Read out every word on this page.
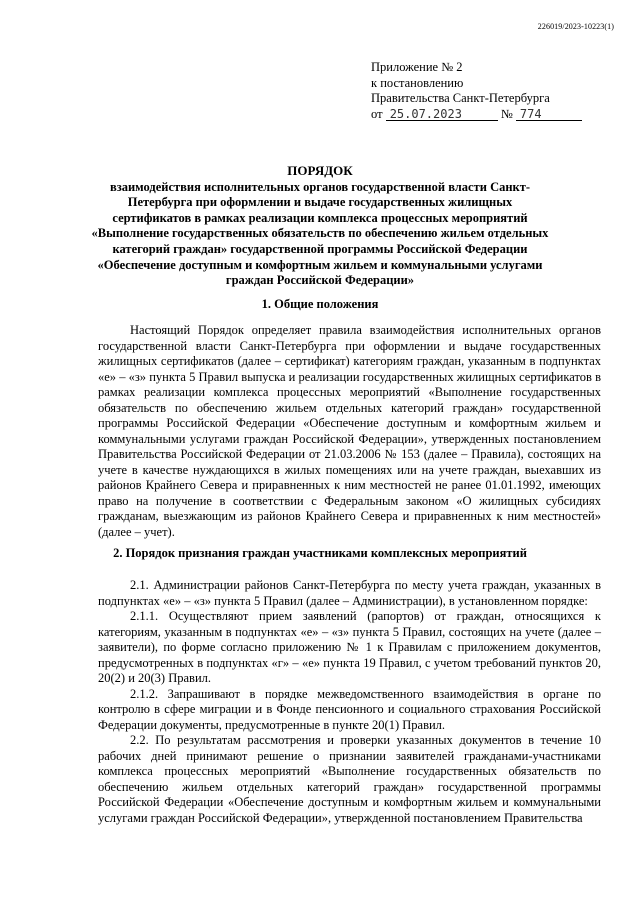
226019/2023-10223(1)
Приложение № 2
к постановлению
Правительства Санкт-Петербурга
от 25.07.2023	№ 774
ПОРЯДОК
взаимодействия исполнительных органов государственной власти Санкт-Петербурга при оформлении и выдаче государственных жилищных сертификатов в рамках реализации комплекса процессных мероприятий «Выполнение государственных обязательств по обеспечению жильем отдельных категорий граждан» государственной программы Российской Федерации «Обеспечение доступным и комфортным жильем и коммунальными услугами граждан Российской Федерации»
1. Общие положения

Настоящий Порядок определяет правила взаимодействия исполнительных органов государственной власти Санкт-Петербурга при оформлении и выдаче государственных жилищных сертификатов (далее – сертификат) категориям граждан, указанным в подпунктах «е» – «з» пункта 5 Правил выпуска и реализации государственных жилищных сертификатов в рамках реализации комплекса процессных мероприятий «Выполнение государственных обязательств по обеспечению жильем отдельных категорий граждан» государственной программы Российской Федерации «Обеспечение доступным и комфортным жильем и коммунальными услугами граждан Российской Федерации», утвержденных постановлением Правительства Российской Федерации от 21.03.2006 № 153 (далее – Правила), состоящих на учете в качестве нуждающихся в жилых помещениях или на учете граждан, выехавших из районов Крайнего Севера и приравненных к ним местностей не ранее 01.01.1992, имеющих право на получение в соответствии с Федеральным законом «О жилищных субсидиях гражданам, выезжающим из районов Крайнего Севера и приравненных к ним местностей» (далее – учет).

2. Порядок признания граждан участниками комплексных мероприятий

2.1. Администрации районов Санкт-Петербурга по месту учета граждан, указанных в подпунктах «е» – «з» пункта 5 Правил (далее – Администрации), в установленном порядке:

2.1.1. Осуществляют прием заявлений (рапортов) от граждан, относящихся к категориям, указанным в подпунктах «е» – «з» пункта 5 Правил, состоящих на учете (далее – заявители), по форме согласно приложению № 1 к Правилам с приложением документов, предусмотренных в подпунктах «г» – «е» пункта 19 Правил, с учетом требований пунктов 20, 20(2) и 20(3) Правил.

2.1.2. Запрашивают в порядке межведомственного взаимодействия в органе по контролю в сфере миграции и в Фонде пенсионного и социального страхования Российской Федерации документы, предусмотренные в пункте 20(1) Правил.

2.2. По результатам рассмотрения и проверки указанных документов в течение 10 рабочих дней принимают решение о признании заявителей гражданами-участниками комплекса процессных мероприятий «Выполнение государственных обязательств по обеспечению жильем отдельных категорий граждан» государственной программы Российской Федерации «Обеспечение доступным и комфортным жильем и коммунальными услугами граждан Российской Федерации», утвержденной постановлением Правительства
